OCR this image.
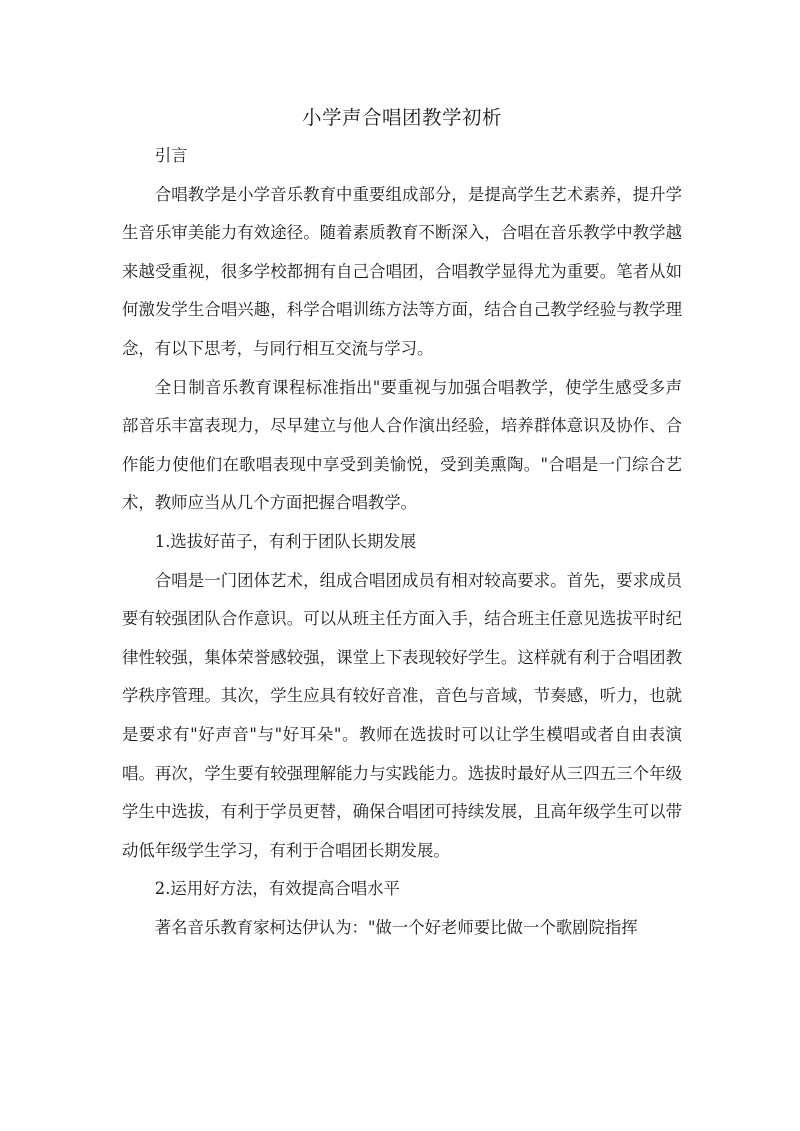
小学声合唱团教学初析

引言

合唱教学是小学音乐教育中重要组成部分，是提高学生艺术素养，提升学生音乐审美能力有效途径。随着素质教育不断深入，合唱在音乐教学中教学越来越受重视，很多学校都拥有自己合唱团，合唱教学显得尤为重要。笔者从如何激发学生合唱兴趣，科学合唱训练方法等方面，结合自己教学经验与教学理念，有以下思考，与同行相互交流与学习。

全日制音乐教育课程标准指出"要重视与加强合唱教学，使学生感受多声部音乐丰富表现力，尽早建立与他人合作演出经验，培养群体意识及协作、合作能力使他们在歌唱表现中享受到美愉悦，受到美熏陶。"合唱是一门综合艺术，教师应当从几个方面把握合唱教学。

1.选拔好苗子，有利于团队长期发展

合唱是一门团体艺术，组成合唱团成员有相对较高要求。首先，要求成员要有较强团队合作意识。可以从班主任方面入手，结合班主任意见选拔平时纪律性较强，集体荣誉感较强，课堂上下表现较好学生。这样就有利于合唱团教学秩序管理。其次，学生应具有较好音准，音色与音域，节奏感，听力，也就是要求有"好声音"与"好耳朵"。教师在选拔时可以让学生模唱或者自由表演唱。再次，学生要有较强理解能力与实践能力。选拔时最好从三四五三个年级学生中选拔，有利于学员更替，确保合唱团可持续发展，且高年级学生可以带动低年级学生学习，有利于合唱团长期发展。

2.运用好方法，有效提高合唱水平

著名音乐教育家柯达伊认为："做一个好老师要比做一个歌剧院指挥
